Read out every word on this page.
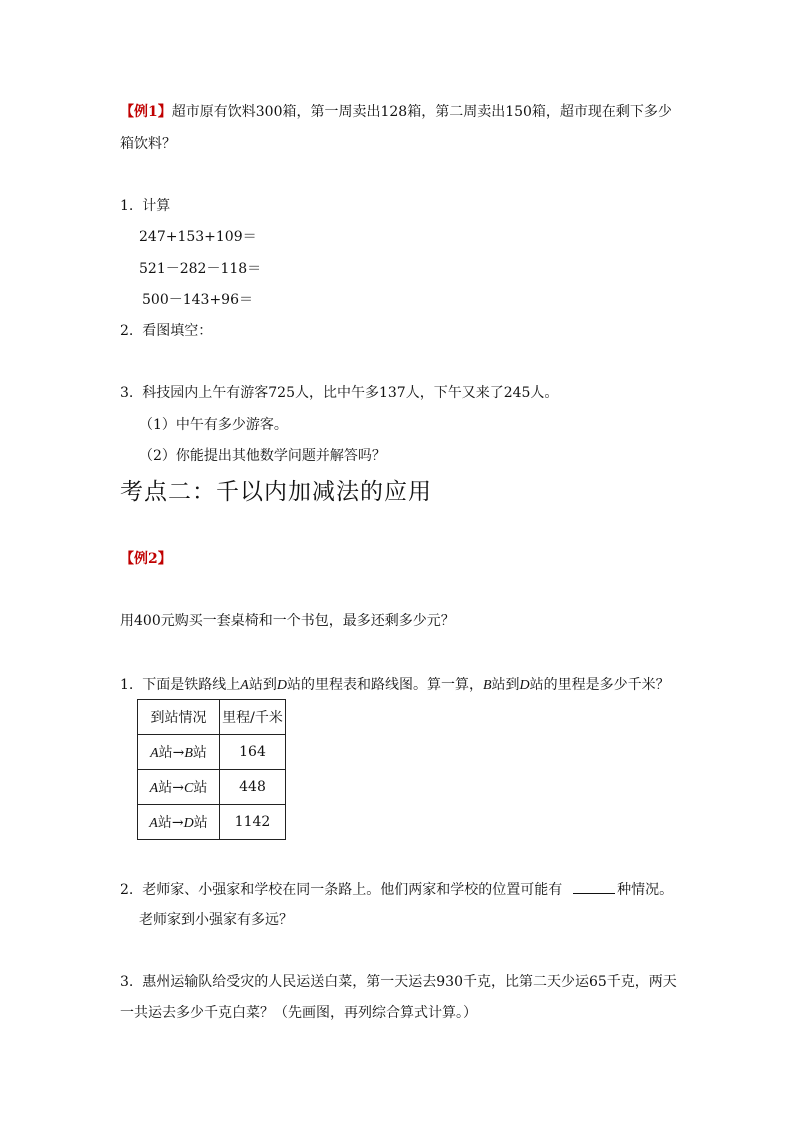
【例1】超市原有饮料300箱，第一周卖出128箱，第二周卖出150箱，超市现在剩下多少
箱饮料？
1. 计算
247+153+109＝
521－282－118＝
500－143+96＝
2. 看图填空：
3. 科技园内上午有游客725人，比中午多137人，下午又来了245人。
（1）中午有多少游客。
（2）你能提出其他数学问题并解答吗？
考点二：千以内加减法的应用
【例2】
用400元购买一套桌椅和一个书包，最多还剩多少元？
1. 下面是铁路线上A站到D站的里程表和路线图。算一算，B站到D站的里程是多少千米？
到站情况	里程/千米
A站→B站	164
A站→C站	448
A站→D站	1142
2. 老师家、小强家和学校在同一条路上。他们两家和学校的位置可能有	种情况。
老师家到小强家有多远？
3. 惠州运输队给受灾的人民运送白菜，第一天运去930千克，比第二天少运65千克，两天
一共运去多少千克白菜？（先画图，再列综合算式计算。）
